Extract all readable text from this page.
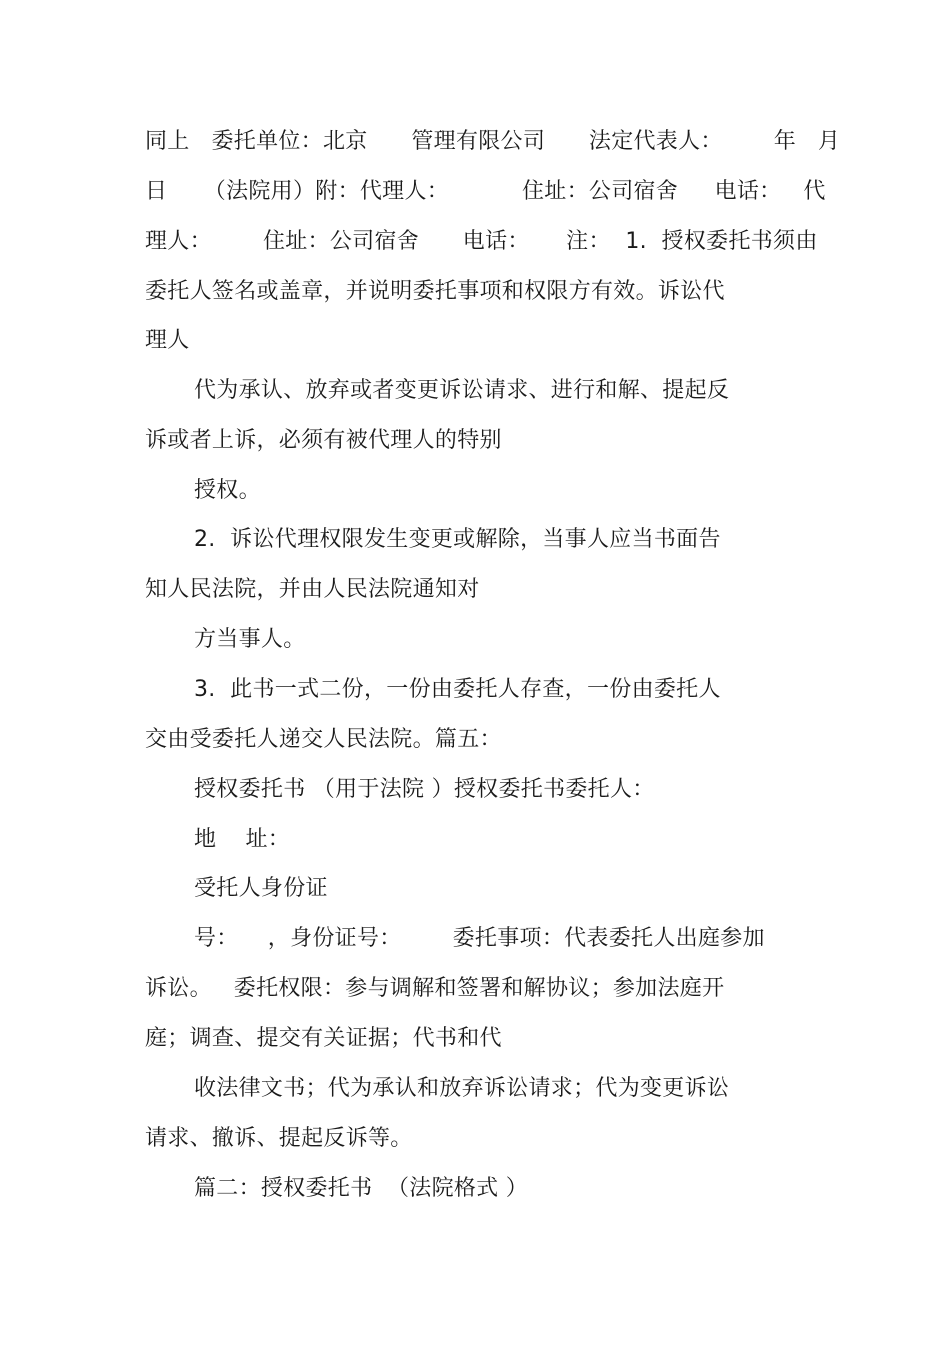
同上   委托单位：北京      管理有限公司      法定代表人：       年   月
日     （法院用）附：代理人：          住址：公司宿舍     电话：   代
理人：       住址：公司宿舍      电话：     注：  1.  授权委托书须由
委托人签名或盖章，并说明委托事项和权限方有效。诉讼代
理人
代为承认、放弃或者变更诉讼请求、进行和解、提起反
诉或者上诉，必须有被代理人的特别
授权。
2.  诉讼代理权限发生变更或解除，当事人应当书面告
知人民法院，并由人民法院通知对
方当事人。
3.  此书一式二份，一份由委托人存查，一份由委托人
交由受委托人递交人民法院。篇五：
授权委托书 （用于法院 ）授权委托书委托人：
地    址：
受托人身份证
号：    ，身份证号：       委托事项：代表委托人出庭参加
诉讼。   委托权限：参与调解和签署和解协议；参加法庭开
庭；调查、提交有关证据；代书和代
收法律文书；代为承认和放弃诉讼请求；代为变更诉讼
请求、撤诉、提起反诉等。
篇二：授权委托书  （法院格式 ）
